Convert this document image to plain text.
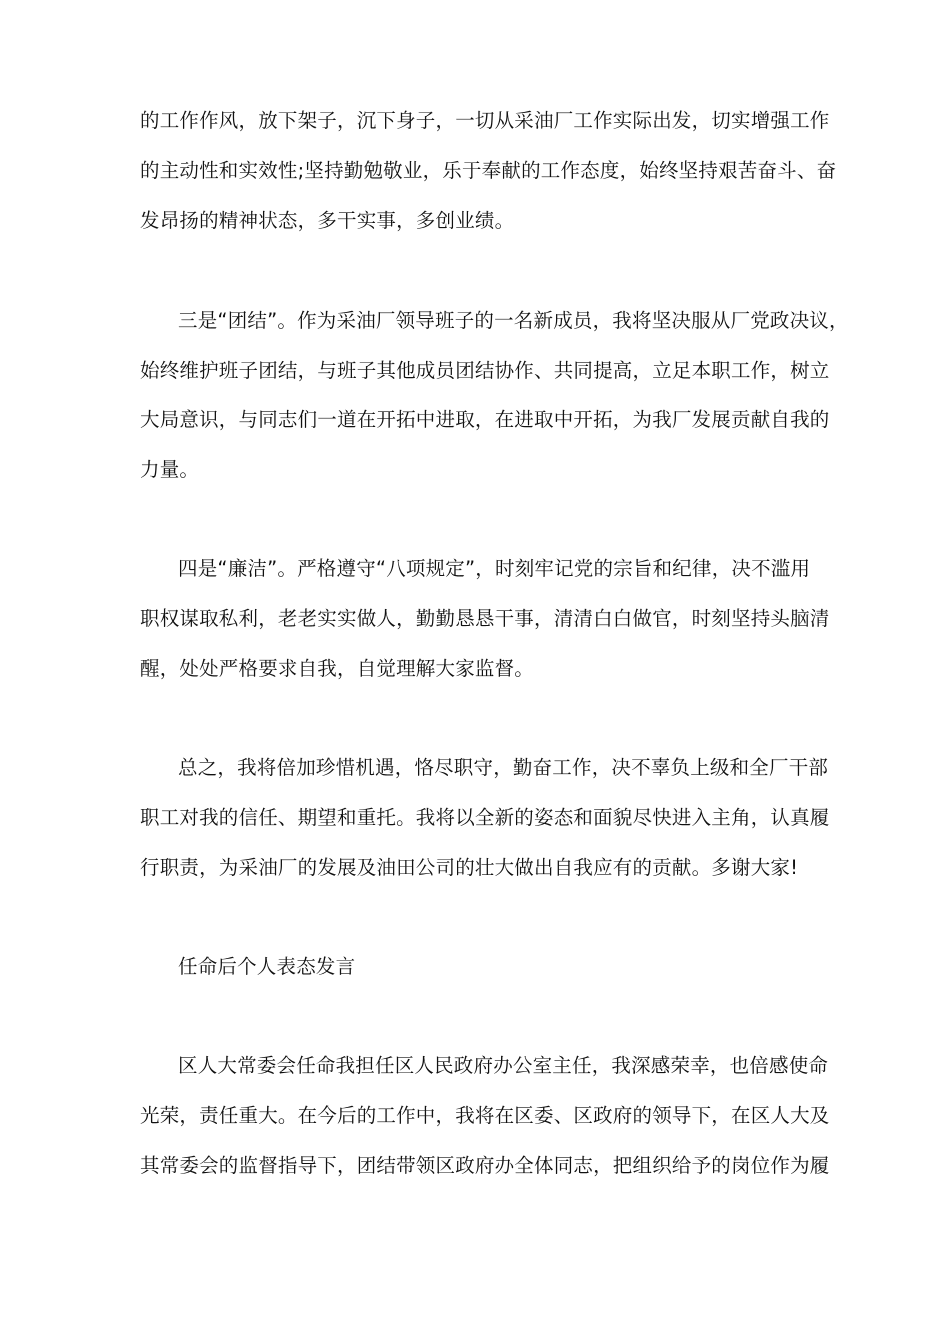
的工作作风，放下架子，沉下身子，一切从采油厂工作实际出发，切实增强工作
的主动性和实效性;坚持勤勉敬业，乐于奉献的工作态度，始终坚持艰苦奋斗、奋
发昂扬的精神状态，多干实事，多创业绩。
三是“团结”。作为采油厂领导班子的一名新成员，我将坚决服从厂党政决议，
始终维护班子团结，与班子其他成员团结协作、共同提高，立足本职工作，树立
大局意识，与同志们一道在开拓中进取，在进取中开拓，为我厂发展贡献自我的
力量。
四是“廉洁”。严格遵守“八项规定”，时刻牢记党的宗旨和纪律，决不滥用
职权谋取私利，老老实实做人，勤勤恳恳干事，清清白白做官，时刻坚持头脑清
醒，处处严格要求自我，自觉理解大家监督。
总之，我将倍加珍惜机遇，恪尽职守，勤奋工作，决不辜负上级和全厂干部
职工对我的信任、期望和重托。我将以全新的姿态和面貌尽快进入主角，认真履
行职责，为采油厂的发展及油田公司的壮大做出自我应有的贡献。多谢大家!
任命后个人表态发言
区人大常委会任命我担任区人民政府办公室主任，我深感荣幸，也倍感使命
光荣，责任重大。在今后的工作中，我将在区委、区政府的领导下，在区人大及
其常委会的监督指导下，团结带领区政府办全体同志，把组织给予的岗位作为履
